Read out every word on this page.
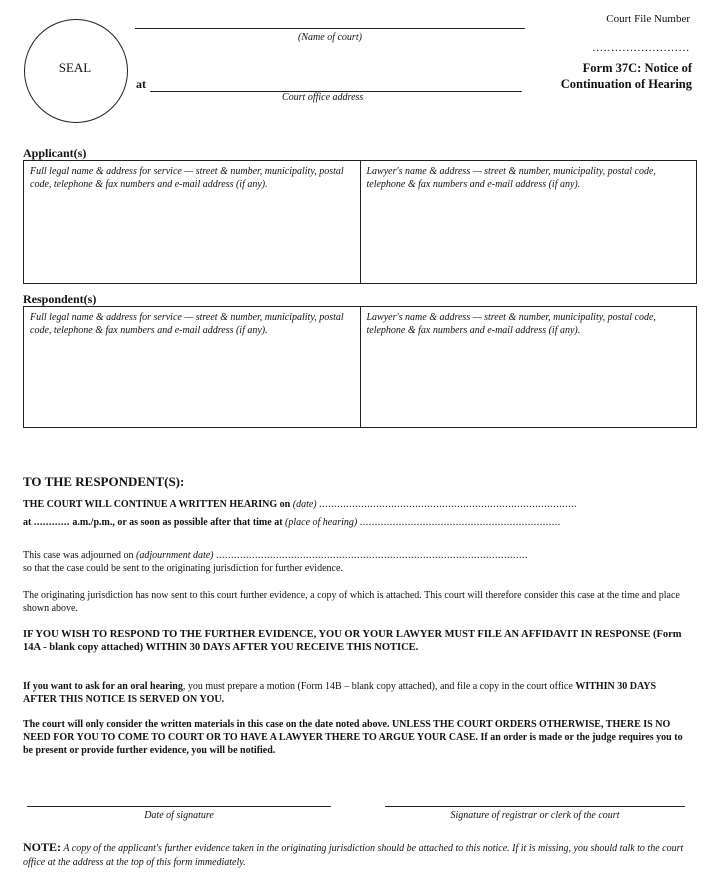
SEAL
(Name of court)
at
Court office address
Court File Number
..........................
Form 37C: Notice of Continuation of Hearing
Applicant(s)
Full legal name & address for service — street & number, municipality, postal code, telephone & fax numbers and e-mail address (if any).
Lawyer's name & address — street & number, municipality, postal code, telephone & fax numbers and e-mail address (if any).
Respondent(s)
Full legal name & address for service — street & number, municipality, postal code, telephone & fax numbers and e-mail address (if any).
Lawyer's name & address — street & number, municipality, postal code, telephone & fax numbers and e-mail address (if any).
TO THE RESPONDENT(S):
THE COURT WILL CONTINUE A WRITTEN HEARING on (date) ......................................................................................
at ............ a.m./p.m., or as soon as possible after that time at (place of hearing) ...................................................................
This case was adjourned on (adjournment date) ........................................................................................................
so that the case could be sent to the originating jurisdiction for further evidence.
The originating jurisdiction has now sent to this court further evidence, a copy of which is attached. This court will therefore consider this case at the time and place shown above.
IF YOU WISH TO RESPOND TO THE FURTHER EVIDENCE, YOU OR YOUR LAWYER MUST FILE AN AFFIDAVIT IN RESPONSE (Form 14A - blank copy attached) WITHIN 30 DAYS AFTER YOU RECEIVE THIS NOTICE.
If you want to ask for an oral hearing, you must prepare a motion (Form 14B – blank copy attached), and file a copy in the court office WITHIN 30 DAYS AFTER THIS NOTICE IS SERVED ON YOU.
The court will only consider the written materials in this case on the date noted above. UNLESS THE COURT ORDERS OTHERWISE, THERE IS NO NEED FOR YOU TO COME TO COURT OR TO HAVE A LAWYER THERE TO ARGUE YOUR CASE. If an order is made or the judge requires you to be present or provide further evidence, you will be notified.
Date of signature	Signature of registrar or clerk of the court
NOTE: A copy of the applicant's further evidence taken in the originating jurisdiction should be attached to this notice. If it is missing, you should talk to the court office at the address at the top of this form immediately.
